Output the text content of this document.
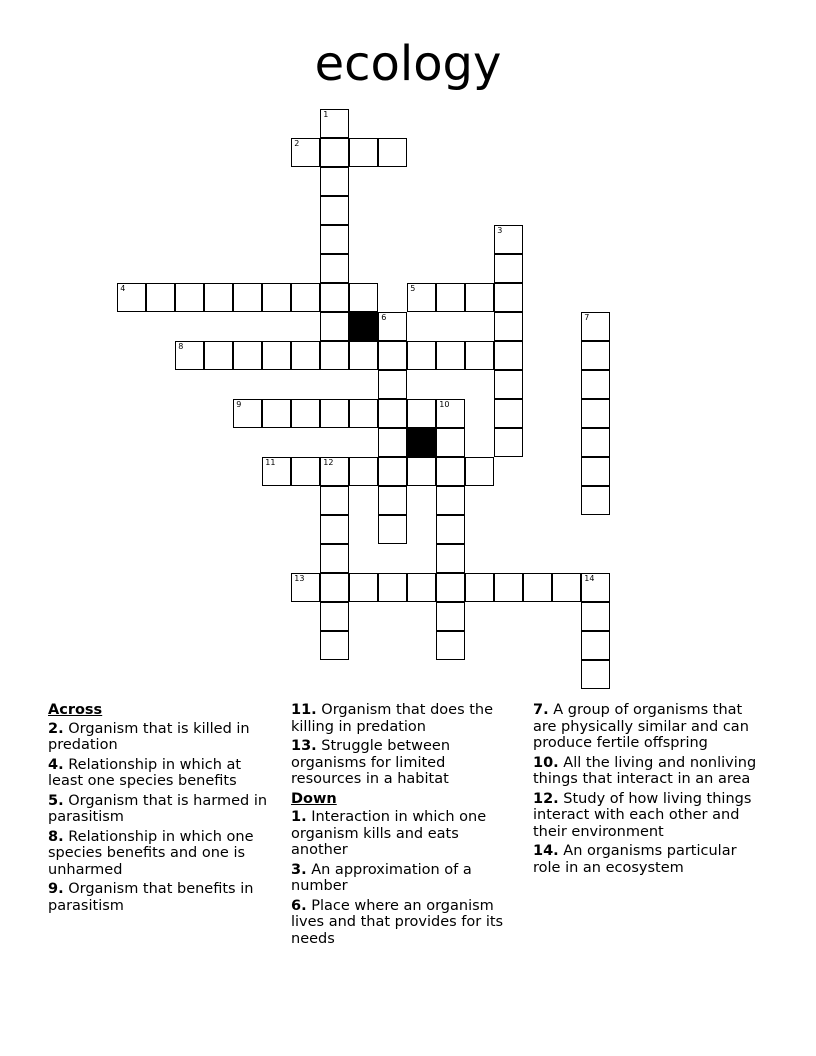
ecology
2
4	5
8
9	10
11	12
13	14
1
3
6	7
Across
2. Organism that is killed in predation
4. Relationship in which at least one species benefits
5. Organism that is harmed in parasitism
8. Relationship in which one species benefits and one is unharmed
9. Organism that benefits in parasitism
11. Organism that does the killing in predation
13. Struggle between organisms for limited resources in a habitat
Down
1. Interaction in which one organism kills and eats another
3. An approximation of a number
6. Place where an organism lives and that provides for its needs
7. A group of organisms that are physically similar and can produce fertile offspring
10. All the living and nonliving things that interact in an area
12. Study of how living things interact with each other and their environment
14. An organisms particular role in an ecosystem
